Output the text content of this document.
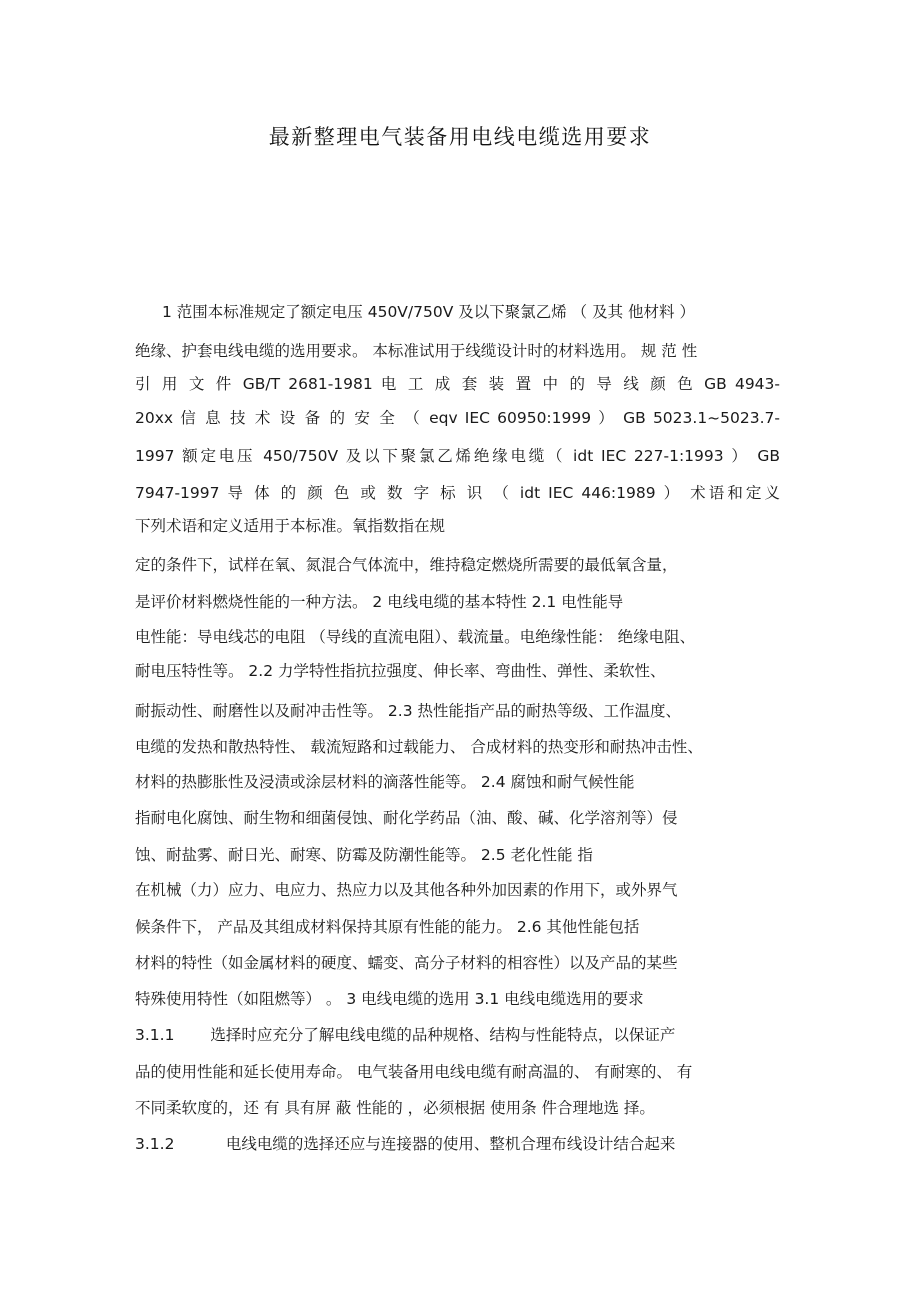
最新整理电气装备用电线电缆选用要求
1 范围本标准规定了额定电压 450V/750V 及以下聚氯乙烯 （ 及其 他材料 ）
绝缘、护套电线电缆的选用要求。 本标准试用于线缆设计时的材料选用。 规 范 性
引 用 文 件 GB/T 2681-1981 电 工 成 套 装 置 中 的 导 线 颜 色 GB 4943-
20xx 信 息 技 术 设 备 的 安 全 （ eqv IEC 60950:1999 ） GB 5023.1~5023.7-
1997 额定电压 450/750V 及以下聚氯乙烯绝缘电缆（ idt IEC 227-1:1993 ） GB
7947-1997 导 体 的 颜 色 或 数 字 标 识 （ idt IEC 446:1989 ） 术语和定义
下列术语和定义适用于本标准。氧指数指在规
定的条件下，试样在氧、氮混合气体流中，维持稳定燃烧所需要的最低氧含量，
是评价材料燃烧性能的一种方法。 2 电线电缆的基本特性 2.1 电性能导
电性能：导电线芯的电阻 （导线的直流电阻）、载流量。电绝缘性能： 绝缘电阻、
耐电压特性等。 2.2 力学特性指抗拉强度、伸长率、弯曲性、弹性、柔软性、
耐振动性、耐磨性以及耐冲击性等。 2.3 热性能指产品的耐热等级、工作温度、
电缆的发热和散热特性、 载流短路和过载能力、 合成材料的热变形和耐热冲击性、
材料的热膨胀性及浸渍或涂层材料的滴落性能等。 2.4 腐蚀和耐气候性能
指耐电化腐蚀、耐生物和细菌侵蚀、耐化学药品（油、酸、碱、化学溶剂等）侵
蚀、耐盐雾、耐日光、耐寒、防霉及防潮性能等。 2.5 老化性能 指
在机械（力）应力、电应力、热应力以及其他各种外加因素的作用下，或外界气
候条件下， 产品及其组成材料保持其原有性能的能力。 2.6 其他性能包括
材料的特性（如金属材料的硬度、蠕变、高分子材料的相容性）以及产品的某些
特殊使用特性（如阻燃等） 。 3 电线电缆的选用 3.1 电线电缆选用的要求
3.1.1 　　选择时应充分了解电线电缆的品种规格、结构与性能特点，以保证产
品的使用性能和延长使用寿命。 电气装备用电线电缆有耐高温的、 有耐寒的、 有
不同柔软度的，还 有 具有屏 蔽 性能的 ，必须根据 使用条 件合理地选 择。
3.1.2 　　　电线电缆的选择还应与连接器的使用、整机合理布线设计结合起来
